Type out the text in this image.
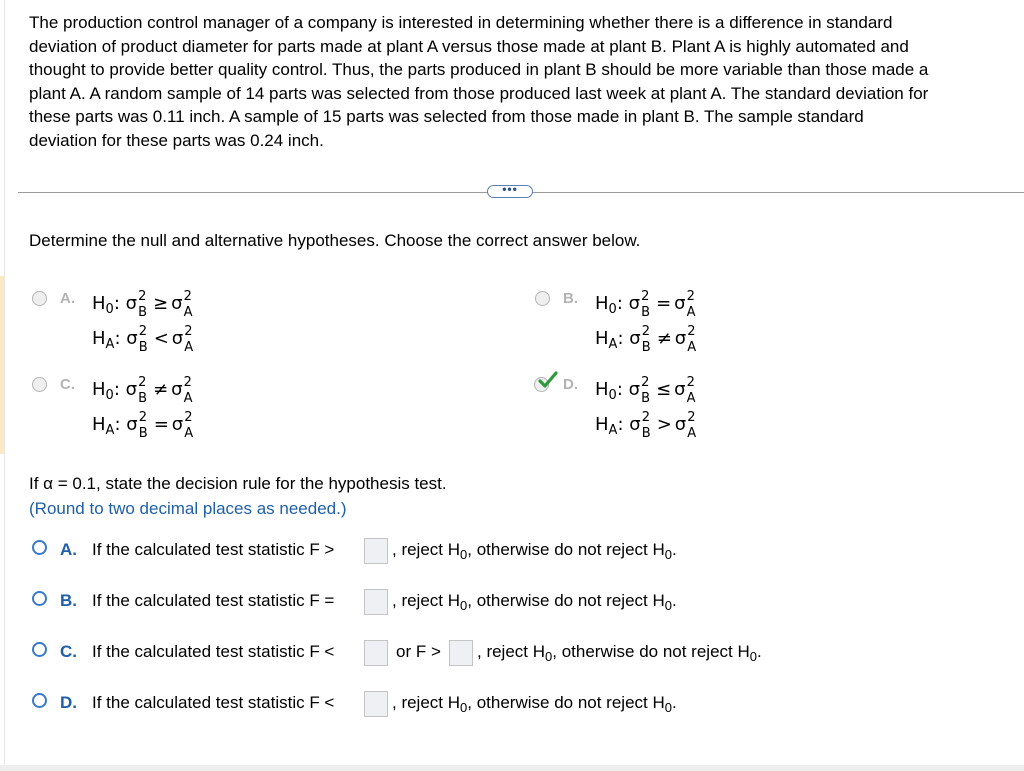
The production control manager of a company is interested in determining whether there is a difference in standard
deviation of product diameter for parts made at plant A versus those made at plant B. Plant A is highly automated and
thought to provide better quality control. Thus, the parts produced in plant B should be more variable than those made a
plant A. A random sample of 14 parts was selected from those produced last week at plant A. The standard deviation for
these parts was 0.11 inch. A sample of 15 parts was selected from those made in plant B. The sample standard
deviation for these parts was 0.24 inch.
•••
Determine the null and alternative hypotheses. Choose the correct answer below.
A. $H_0$: σ 2
B ≥ σ 2
A
$H_A$: σ 2
B < σ 2
A
B. $H_0$: σ 2
B = σ 2
A
$H_A$: σ 2
B ≠ σ 2
A
C. $H_0$: σ 2
B ≠ σ 2
A
$H_A$: σ 2
B = σ 2
A
D. $H_0$: σ 2
B ≤ σ 2
A
$H_A$: σ 2
B > σ 2
A
If α = 0.1, state the decision rule for the hypothesis test.
(Round to two decimal places as needed.)
A. If the calculated test statistic F >	, reject $H_0$, otherwise do not reject $H_0$.
B. If the calculated test statistic F =	, reject $H_0$, otherwise do not reject $H_0$.
C. If the calculated test statistic F <	or F > , reject $H_0$, otherwise do not reject $H_0$.
D. If the calculated test statistic F <	, reject $H_0$, otherwise do not reject $H_0$.
